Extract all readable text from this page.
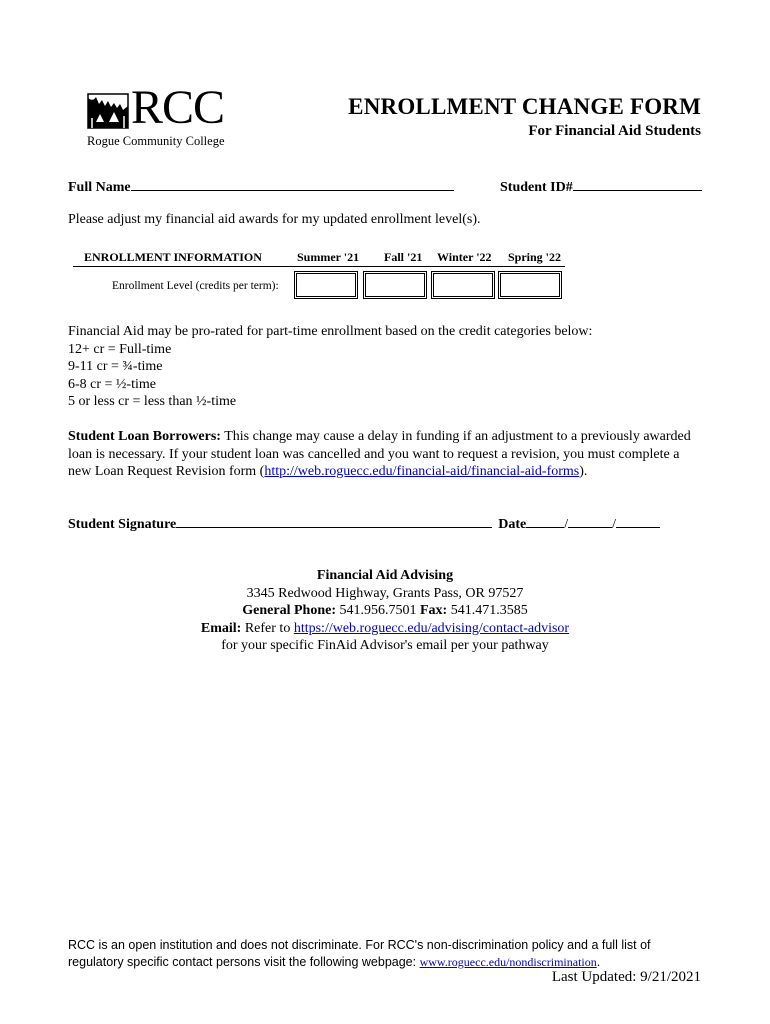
RCC
Rogue Community College
ENROLLMENT CHANGE FORM
For Financial Aid Students
Full Name	Student ID#
Please adjust my financial aid awards for my updated enrollment level(s).
ENROLLMENT INFORMATION	Summer '21 Fall '21 Winter '22 Spring '22
Enrollment Level (credits per term):
Financial Aid may be pro-rated for part-time enrollment based on the credit categories below:
12+ cr = Full-time
9-11 cr = ¾-time
6-8 cr = ½-time
5 or less cr = less than ½-time
Student Loan Borrowers: This change may cause a delay in funding if an adjustment to a previously awarded loan is necessary. If your student loan was cancelled and you want to request a revision, you must complete a new Loan Request Revision form (http://web.roguecc.edu/financial-aid/financial-aid-forms).
Student Signature	Date	/	/
Financial Aid Advising
3345 Redwood Highway, Grants Pass, OR 97527
General Phone: 541.956.7501 Fax: 541.471.3585
Email: Refer to https://web.roguecc.edu/advising/contact-advisor
for your specific FinAid Advisor's email per your pathway
RCC is an open institution and does not discriminate. For RCC's non-discrimination policy and a full list of regulatory specific contact persons visit the following webpage: www.roguecc.edu/nondiscrimination.
Last Updated: 9/21/2021
